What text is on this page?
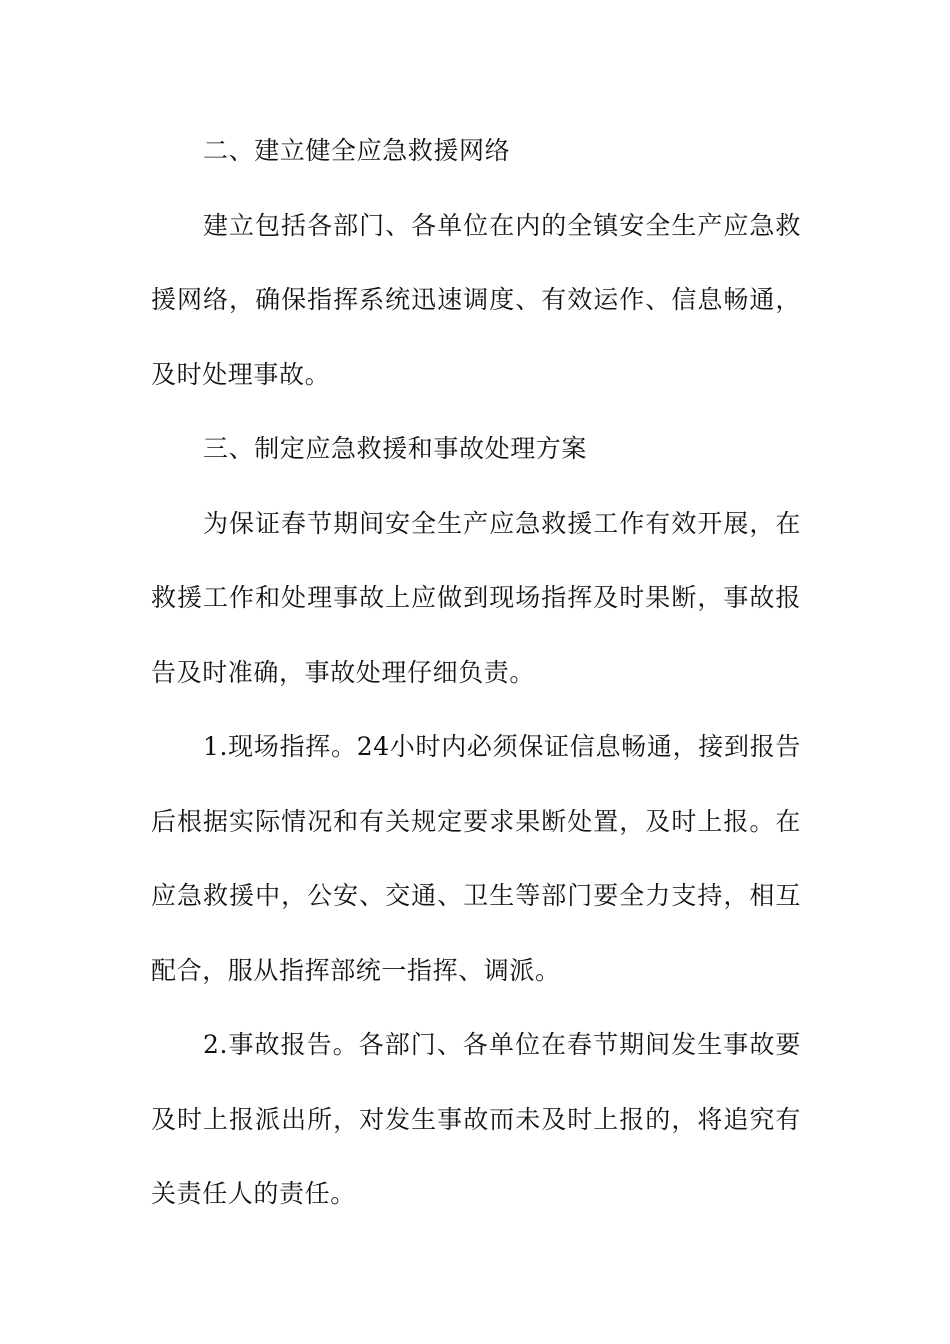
二、建立健全应急救援网络

建立包括各部门、各单位在内的全镇安全生产应急救援网络，确保指挥系统迅速调度、有效运作、信息畅通，及时处理事故。

三、制定应急救援和事故处理方案

为保证春节期间安全生产应急救援工作有效开展，在救援工作和处理事故上应做到现场指挥及时果断，事故报告及时准确，事故处理仔细负责。

1.现场指挥。24小时内必须保证信息畅通，接到报告后根据实际情况和有关规定要求果断处置，及时上报。在应急救援中，公安、交通、卫生等部门要全力支持，相互配合，服从指挥部统一指挥、调派。

2.事故报告。各部门、各单位在春节期间发生事故要及时上报派出所，对发生事故而未及时上报的，将追究有关责任人的责任。
